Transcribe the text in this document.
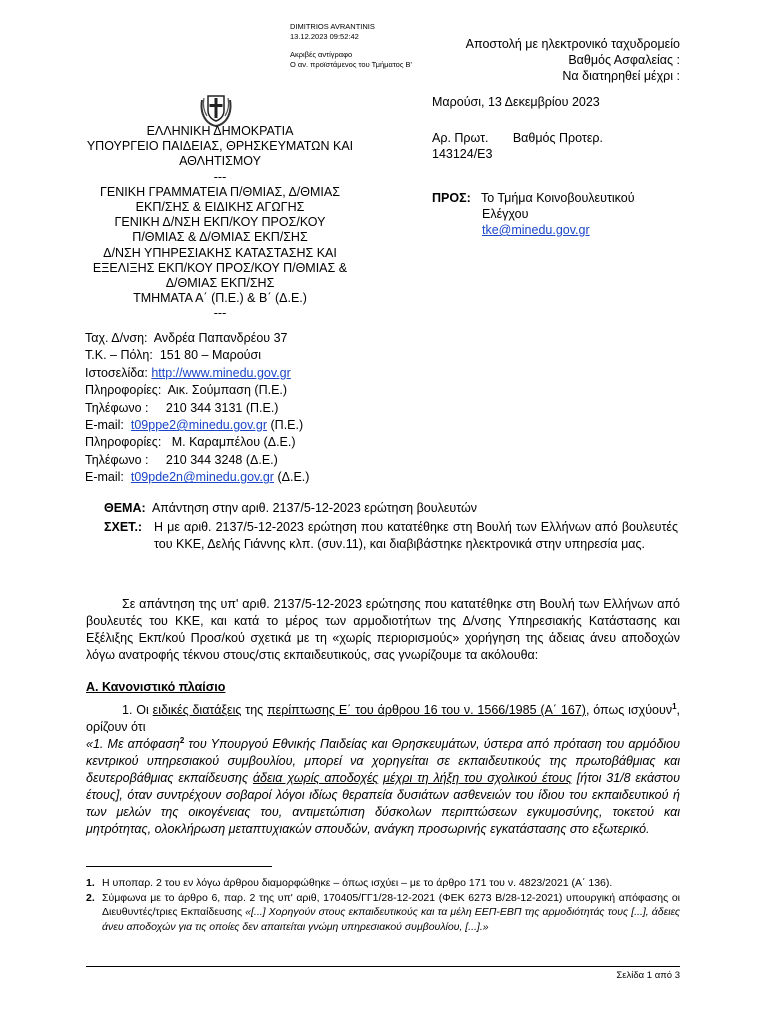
DIMITRIOS AVRANTINIS
13.12.2023 09:52:42
Ακριβές αντίγραφο
Ο αν. προϊστάμενος του Τμήματος Β'
Αποστολή με ηλεκτρονικό ταχυδρομείο
Βαθμός Ασφαλείας :
Να διατηρηθεί μέχρι :
ΕΛΛΗΝΙΚΗ ΔΗΜΟΚΡΑΤΙΑ
ΥΠΟΥΡΓΕΙΟ ΠΑΙΔΕΙΑΣ, ΘΡΗΣΚΕΥΜΑΤΩΝ ΚΑΙ
ΑΘΛΗΤΙΣΜΟΥ
---
ΓΕΝΙΚΗ ΓΡΑΜΜΑΤΕΙΑ Π/ΘΜΙΑΣ, Δ/ΘΜΙΑΣ
ΕΚΠ/ΣΗΣ & ΕΙΔΙΚΗΣ ΑΓΩΓΗΣ
ΓΕΝΙΚΗ Δ/ΝΣΗ ΕΚΠ/ΚΟΥ ΠΡΟΣ/ΚΟΥ
Π/ΘΜΙΑΣ & Δ/ΘΜΙΑΣ ΕΚΠ/ΣΗΣ
Δ/ΝΣΗ ΥΠΗΡΕΣΙΑΚΗΣ ΚΑΤΑΣΤΑΣΗΣ ΚΑΙ
ΕΞΕΛΙΞΗΣ ΕΚΠ/ΚΟΥ ΠΡΟΣ/ΚΟΥ Π/ΘΜΙΑΣ &
Δ/ΘΜΙΑΣ ΕΚΠ/ΣΗΣ
ΤΜΗΜΑΤΑ Α΄ (Π.Ε.) & Β΄ (Δ.Ε.)
---
Ταχ. Δ/νση: Ανδρέα Παπανδρέου 37
Τ.Κ. – Πόλη: 151 80 – Μαρούσι
Ιστοσελίδα: http://www.minedu.gov.gr
Πληροφορίες: Αικ. Σούμπαση (Π.Ε.)
Τηλέφωνο : 210 344 3131 (Π.Ε.)
E-mail: t09ppe2@minedu.gov.gr (Π.Ε.)
Πληροφορίες: Μ. Καραμπέλου (Δ.Ε.)
Τηλέφωνο : 210 344 3248 (Δ.Ε.)
E-mail: t09pde2n@minedu.gov.gr (Δ.Ε.)
Μαρούσι, 13 Δεκεμβρίου 2023
Αρ. Πρωτ. Βαθμός Προτερ.
143124/Ε3
ΠΡΟΣ: Το Τμήμα Κοινοβουλευτικού
Ελέγχου
tke@minedu.gov.gr
ΘΕΜΑ: Απάντηση στην αριθ. 2137/5-12-2023 ερώτηση βουλευτών
ΣΧΕΤ.: Η με αριθ. 2137/5-12-2023 ερώτηση που κατατέθηκε στη Βουλή των Ελλήνων από βουλευτές του ΚΚΕ, Δελής Γιάννης κλπ. (συν.11), και διαβιβάστηκε ηλεκτρονικά στην υπηρεσία μας.

Σε απάντηση της υπ' αριθ. 2137/5-12-2023 ερώτησης που κατατέθηκε στη Βουλή των Ελλήνων από βουλευτές του ΚΚΕ, και κατά το μέρος των αρμοδιοτήτων της Δ/νσης Υπηρεσιακής Κατάστασης και Εξέλιξης Εκπ/κού Προσ/κού σχετικά με τη «χωρίς περιορισμούς» χορήγηση της άδειας άνευ αποδοχών λόγω ανατροφής τέκνου στους/στις εκπαιδευτικούς, σας γνωρίζουμε τα ακόλουθα:

Α. Κανονιστικό πλαίσιο

1. Οι ειδικές διατάξεις της περίπτωσης Ε΄ του άρθρου 16 του ν. 1566/1985 (Α΄ 167), όπως ισχύουν$^1$, ορίζουν ότι

«1. Με απόφαση$^2$ του Υπουργού Εθνικής Παιδείας και Θρησκευμάτων, ύστερα από πρόταση του αρμόδιου κεντρικού υπηρεσιακού συμβουλίου, μπορεί να χορηγείται σε εκπαιδευτικούς της πρωτοβάθμιας και δευτεροβάθμιας εκπαίδευσης άδεια χωρίς αποδοχές μέχρι τη λήξη του σχολικού έτους [ήτοι 31/8 εκάστου έτους], όταν συντρέχουν σοβαροί λόγοι ιδίως θεραπεία δυσιάτων ασθενειών του ίδιου του εκπαιδευτικού ή των μελών της οικογένειας του, αντιμετώπιση δύσκολων περιπτώσεων εγκυμοσύνης, τοκετού και μητρότητας, ολοκλήρωση μεταπτυχιακών σπουδών, ανάγκη προσωρινής εγκατάστασης στο εξωτερικό.

1. Η υποπαρ. 2 του εν λόγω άρθρου διαμορφώθηκε – όπως ισχύει – με το άρθρο 171 του ν. 4823/2021 (Α΄ 136).
2. Σύμφωνα με το άρθρο 6, παρ. 2 της υπ' αριθ, 170405/ΓΓ1/28-12-2021 (ΦΕΚ 6273 Β/28-12-2021) υπουργική απόφασης οι Διευθυντές/τριες Εκπαίδευσης «[...] Χορηγούν στους εκπαιδευτικούς και τα μέλη ΕΕΠ-ΕΒΠ της αρμοδιότητάς τους [...], άδειες άνευ αποδοχών για τις οποίες δεν απαιτείται γνώμη υπηρεσιακού συμβουλίου, [...].»
Σελίδα 1 από 3
